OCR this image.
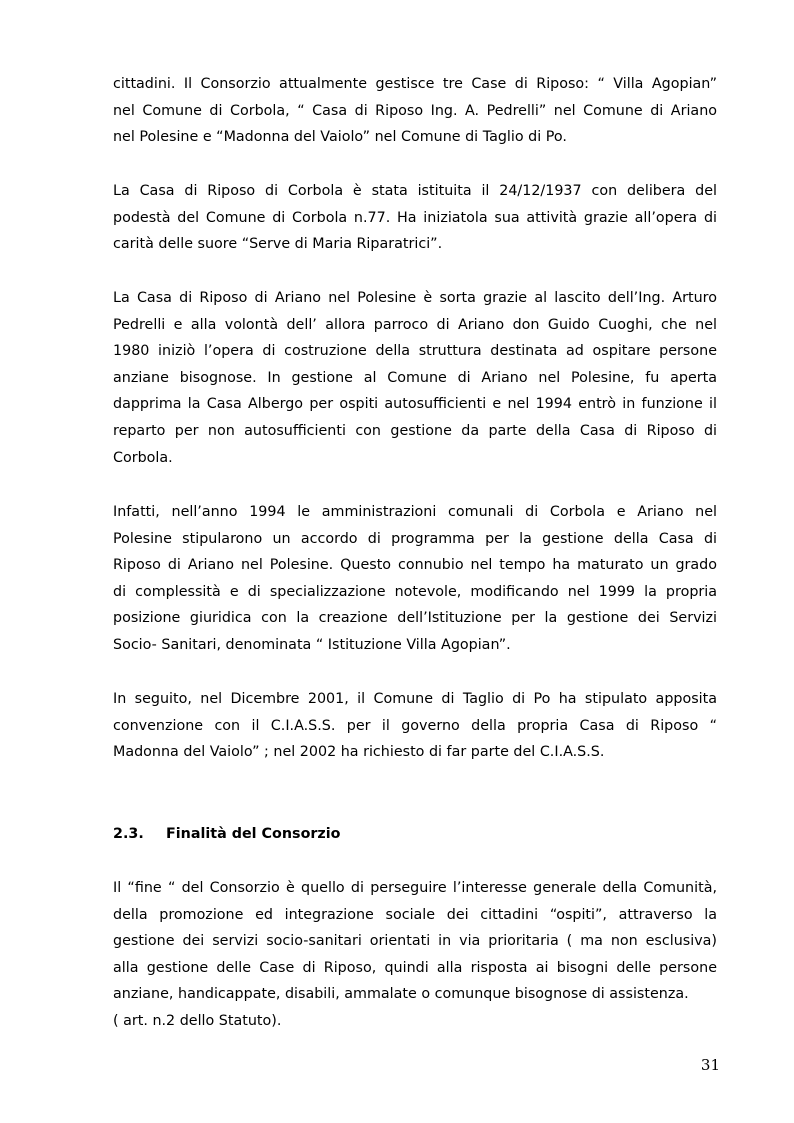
cittadini. Il Consorzio attualmente gestisce tre Case di Riposo: “ Villa Agopian”
nel Comune di Corbola, “ Casa di Riposo Ing. A. Pedrelli” nel Comune di Ariano
nel Polesine e “Madonna del Vaiolo” nel Comune di Taglio di Po.

La Casa di Riposo di Corbola è stata istituita il 24/12/1937 con delibera del
podestà del Comune di Corbola n.77. Ha iniziatola sua attività grazie all’opera di
carità delle suore “Serve di Maria Riparatrici”.

La Casa di Riposo di Ariano nel Polesine è sorta grazie al lascito dell’Ing. Arturo
Pedrelli e alla volontà dell’ allora parroco di Ariano don Guido Cuoghi, che nel
1980 iniziò l’opera di costruzione della struttura destinata ad ospitare persone
anziane bisognose. In gestione al Comune di Ariano nel Polesine, fu aperta
dapprima la Casa Albergo per ospiti autosufficienti e nel 1994 entrò in funzione il
reparto per non autosufficienti con gestione da parte della Casa di Riposo di
Corbola.

Infatti, nell’anno 1994 le amministrazioni comunali di Corbola e Ariano nel
Polesine stipularono un accordo di programma per la gestione della Casa di
Riposo di Ariano nel Polesine. Questo connubio nel tempo ha maturato un grado
di complessità e di specializzazione notevole, modificando nel 1999 la propria
posizione giuridica con la creazione dell’Istituzione per la gestione dei Servizi
Socio- Sanitari, denominata “ Istituzione Villa Agopian”.

In seguito, nel Dicembre 2001, il Comune di Taglio di Po ha stipulato apposita
convenzione con il C.I.A.S.S. per il governo della propria Casa di Riposo “
Madonna del Vaiolo” ; nel 2002 ha richiesto di far parte del C.I.A.S.S.

2.3. Finalità del Consorzio

Il “fine “ del Consorzio è quello di perseguire l’interesse generale della Comunità,
della promozione ed integrazione sociale dei cittadini “ospiti”, attraverso la
gestione dei servizi socio-sanitari orientati in via prioritaria ( ma non esclusiva)
alla gestione delle Case di Riposo, quindi alla risposta ai bisogni delle persone
anziane, handicappate, disabili, ammalate o comunque bisognose di assistenza.
( art. n.2 dello Statuto).

31
